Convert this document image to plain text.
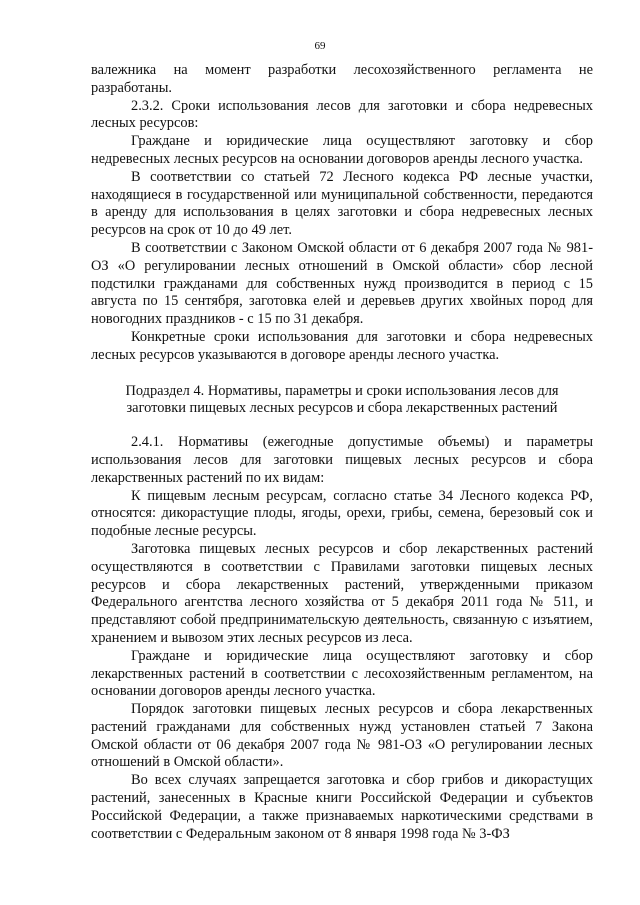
69

валежника на момент разработки лесохозяйственного регламента не разработаны.

2.3.2. Сроки использования лесов для заготовки и сбора недревесных лесных ресурсов:

Граждане и юридические лица осуществляют заготовку и сбор недревесных лесных ресурсов на основании договоров аренды лесного участка.

В соответствии со статьей 72 Лесного кодекса РФ лесные участки, находящиеся в государственной или муниципальной собственности, передаются в аренду для использования в целях заготовки и сбора недревесных лесных ресурсов на срок от 10 до 49 лет.

В соответствии с Законом Омской области от 6 декабря 2007 года № 981-ОЗ «О регулировании лесных отношений в Омской области» сбор лесной подстилки гражданами для собственных нужд производится в период с 15 августа по 15 сентября, заготовка елей и деревьев других хвойных пород для новогодних праздников - с 15 по 31 декабря.

Конкретные сроки использования для заготовки и сбора недревесных лесных ресурсов указываются в договоре аренды лесного участка.

Подраздел 4. Нормативы, параметры и сроки использования лесов для заготовки пищевых лесных ресурсов и сбора лекарственных растений

2.4.1. Нормативы (ежегодные допустимые объемы) и параметры использования лесов для заготовки пищевых лесных ресурсов и сбора лекарственных растений по их видам:

К пищевым лесным ресурсам, согласно статье 34 Лесного кодекса РФ, относятся: дикорастущие плоды, ягоды, орехи, грибы, семена, березовый сок и подобные лесные ресурсы.

Заготовка пищевых лесных ресурсов и сбор лекарственных растений осуществляются в соответствии с Правилами заготовки пищевых лесных ресурсов и сбора лекарственных растений, утвержденными приказом Федерального агентства лесного хозяйства от 5 декабря 2011 года № 511, и представляют собой предпринимательскую деятельность, связанную с изъятием, хранением и вывозом этих лесных ресурсов из леса.

Граждане и юридические лица осуществляют заготовку и сбор лекарственных растений в соответствии с лесохозяйственным регламентом, на основании договоров аренды лесного участка.

Порядок заготовки пищевых лесных ресурсов и сбора лекарственных растений гражданами для собственных нужд установлен статьей 7 Закона Омской области от 06 декабря 2007 года № 981-ОЗ «О регулировании лесных отношений в Омской области».

Во всех случаях запрещается заготовка и сбор грибов и дикорастущих растений, занесенных в Красные книги Российской Федерации и субъектов Российской Федерации, а также признаваемых наркотическими средствами в соответствии с Федеральным законом от 8 января 1998 года № 3-ФЗ
